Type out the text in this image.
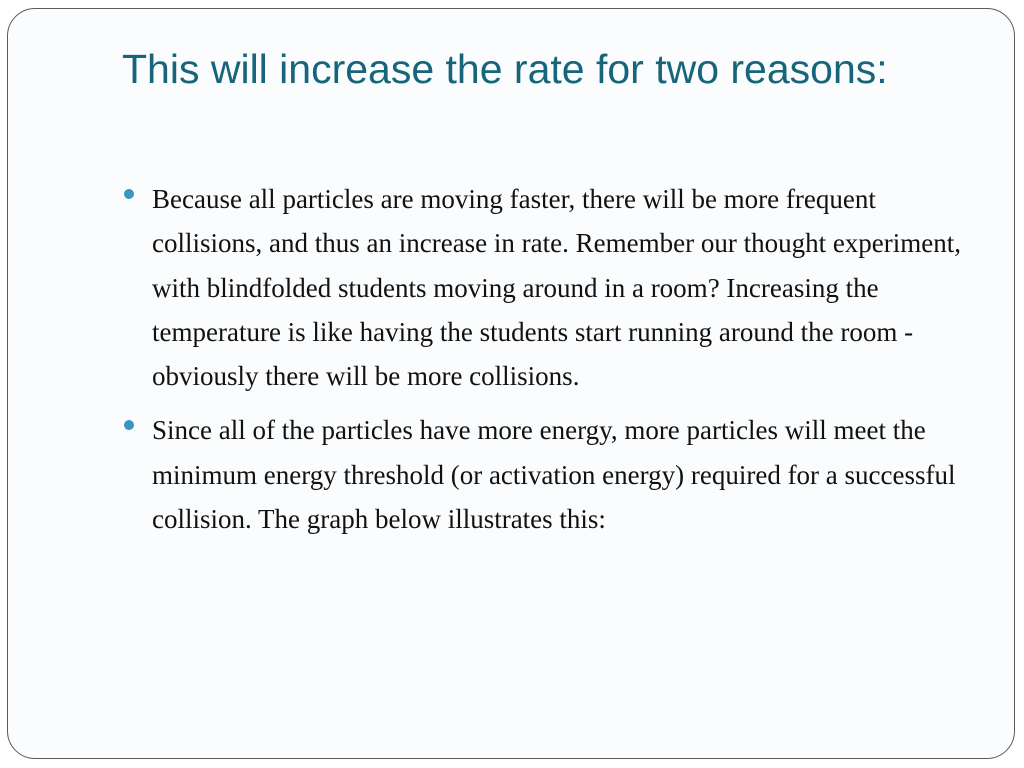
This will increase the rate for two reasons:
Because all particles are moving faster, there will be more frequent collisions, and thus an increase in rate. Remember our thought experiment, with blindfolded students moving around in a room? Increasing the temperature is like having the students start running around the room - obviously there will be more collisions.
Since all of the particles have more energy, more particles will meet the minimum energy threshold (or activation energy) required for a successful collision. The graph below illustrates this:
